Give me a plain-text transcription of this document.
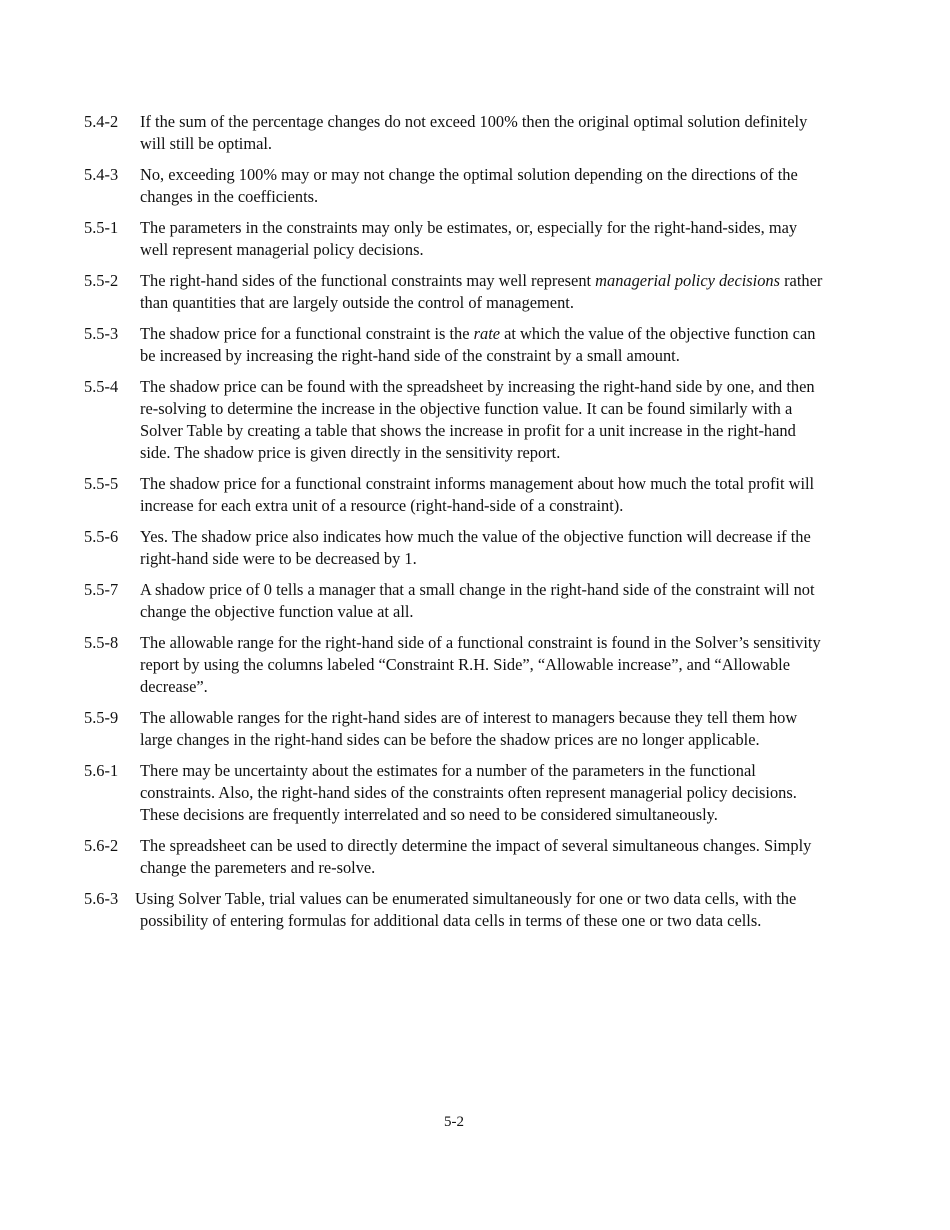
5.4-2	If the sum of the percentage changes do not exceed 100% then the original optimal solution definitely will still be optimal.
5.4-3	No, exceeding 100% may or may not change the optimal solution depending on the directions of the changes in the coefficients.
5.5-1	The parameters in the constraints may only be estimates, or, especially for the right-hand-sides, may well represent managerial policy decisions.
5.5-2	The right-hand sides of the functional constraints may well represent managerial policy decisions rather than quantities that are largely outside the control of management.
5.5-3	The shadow price for a functional constraint is the rate at which the value of the objective function can be increased by increasing the right-hand side of the constraint by a small amount.
5.5-4	The shadow price can be found with the spreadsheet by increasing the right-hand side by one, and then re-solving to determine the increase in the objective function value. It can be found similarly with a Solver Table by creating a table that shows the increase in profit for a unit increase in the right-hand side. The shadow price is given directly in the sensitivity report.
5.5-5	The shadow price for a functional constraint informs management about how much the total profit will increase for each extra unit of a resource (right-hand-side of a constraint).
5.5-6	Yes. The shadow price also indicates how much the value of the objective function will decrease if the right-hand side were to be decreased by 1.
5.5-7	A shadow price of 0 tells a manager that a small change in the right-hand side of the constraint will not change the objective function value at all.
5.5-8	The allowable range for the right-hand side of a functional constraint is found in the Solver’s sensitivity report by using the columns labeled “Constraint R.H. Side”, “Allowable increase”, and “Allowable decrease”.
5.5-9	The allowable ranges for the right-hand sides are of interest to managers because they tell them how large changes in the right-hand sides can be before the shadow prices are no longer applicable.
5.6-1	There may be uncertainty about the estimates for a number of the parameters in the functional constraints. Also, the right-hand sides of the constraints often represent managerial policy decisions. These decisions are frequently interrelated and so need to be considered simultaneously.
5.6-2	The spreadsheet can be used to directly determine the impact of several simultaneous changes. Simply change the paremeters and re-solve.
5.6-3	Using Solver Table, trial values can be enumerated simultaneously for one or two data cells, with the possibility of entering formulas for additional data cells in terms of these one or two data cells.
5-2
